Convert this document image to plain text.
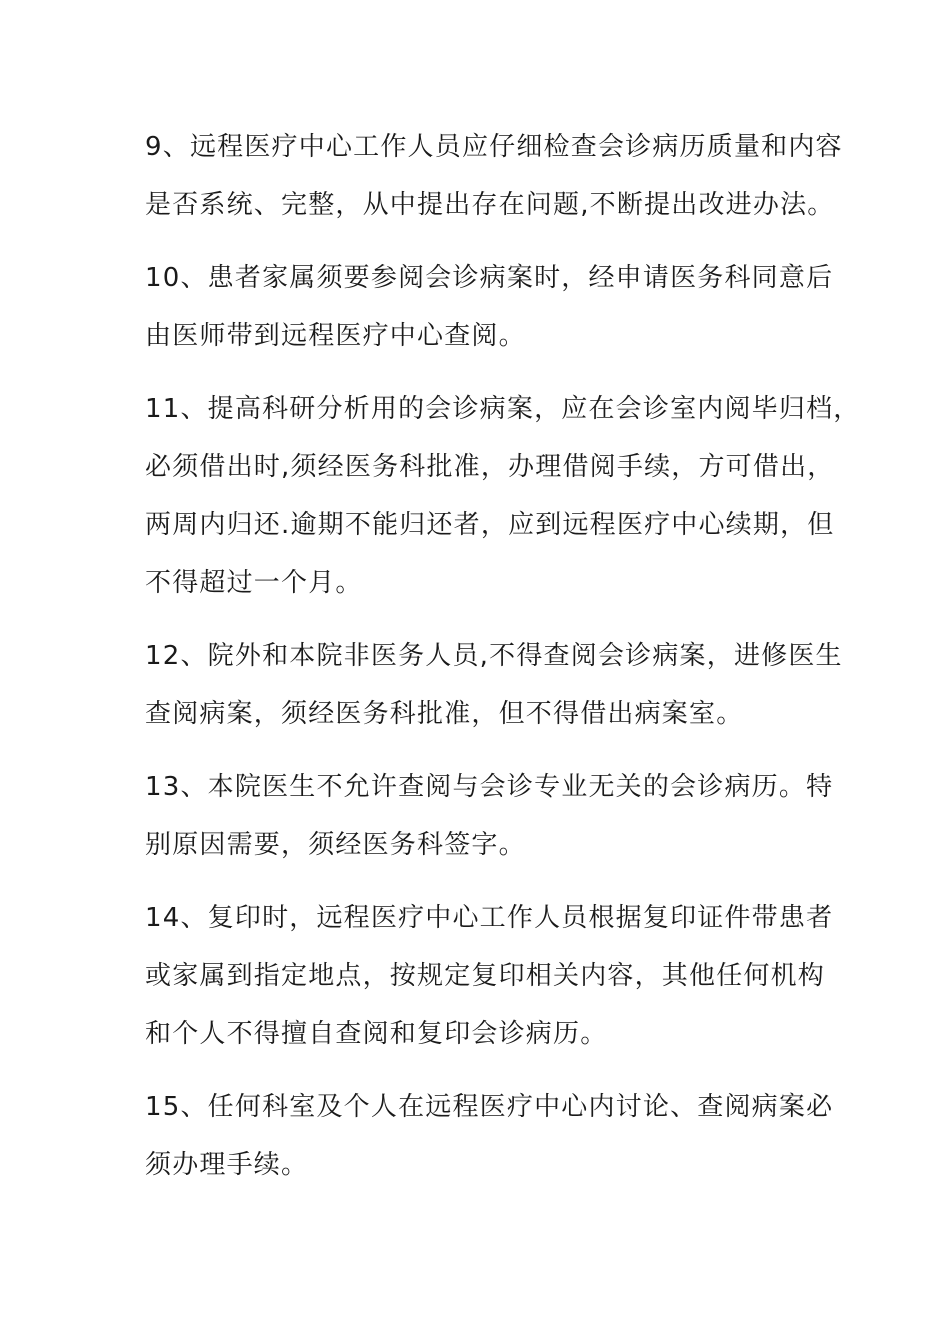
9、远程医疗中心工作人员应仔细检查会诊病历质量和内容
是否系统、完整，从中提出存在问题,不断提出改进办法。

10、患者家属须要参阅会诊病案时，经申请医务科同意后
由医师带到远程医疗中心查阅。

11、提高科研分析用的会诊病案，应在会诊室内阅毕归档，
必须借出时,须经医务科批准，办理借阅手续，方可借出，
两周内归还.逾期不能归还者，应到远程医疗中心续期，但
不得超过一个月。

12、院外和本院非医务人员,不得查阅会诊病案，进修医生
查阅病案，须经医务科批准，但不得借出病案室。

13、本院医生不允许查阅与会诊专业无关的会诊病历。特
别原因需要，须经医务科签字。

14、复印时，远程医疗中心工作人员根据复印证件带患者
或家属到指定地点，按规定复印相关内容，其他任何机构
和个人不得擅自查阅和复印会诊病历。

15、任何科室及个人在远程医疗中心内讨论、查阅病案必
须办理手续。
